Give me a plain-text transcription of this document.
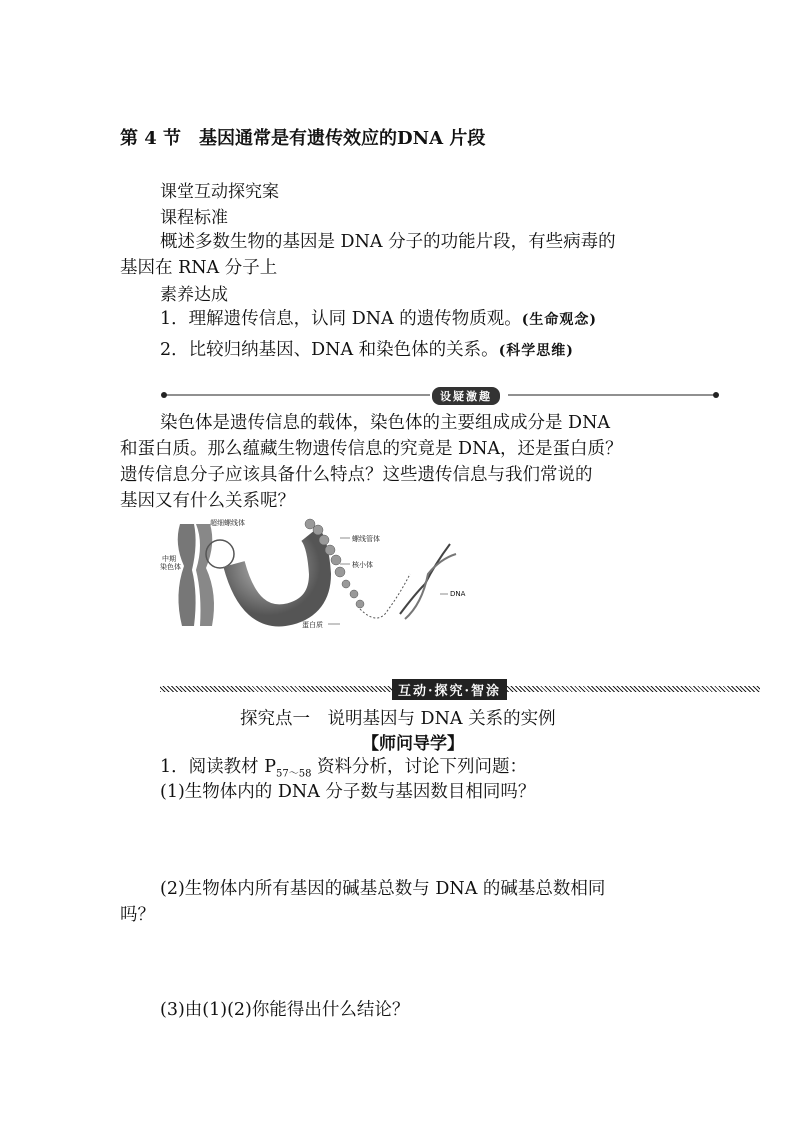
第 4 节　基因通常是有遗传效应的DNA 片段
课堂互动探究案
课程标准
概述多数生物的基因是 DNA 分子的功能片段，有些病毒的
基因在 RNA 分子上
素养达成
1．理解遗传信息，认同 DNA 的遗传物质观。(生命观念)
2．比较归纳基因、DNA 和染色体的关系。(科学思维)
设疑激趣
染色体是遗传信息的载体，染色体的主要组成成分是 DNA
和蛋白质。那么蕴藏生物遗传信息的究竟是 DNA，还是蛋白质？
遗传信息分子应该具备什么特点？这些遗传信息与我们常说的
基因又有什么关系呢？
超细螺线体
中期
染色体
螺线管体
核小体
DNA
蛋白质
互动·探究·智涂
探究点一　说明基因与 DNA 关系的实例
【师问导学】
1．阅读教材 $P_{57\sim 58}$ 资料分析，讨论下列问题：
(1)生物体内的 DNA 分子数与基因数目相同吗？
(2)生物体内所有基因的碱基总数与 DNA 的碱基总数相同
吗？
(3)由(1)(2)你能得出什么结论？
